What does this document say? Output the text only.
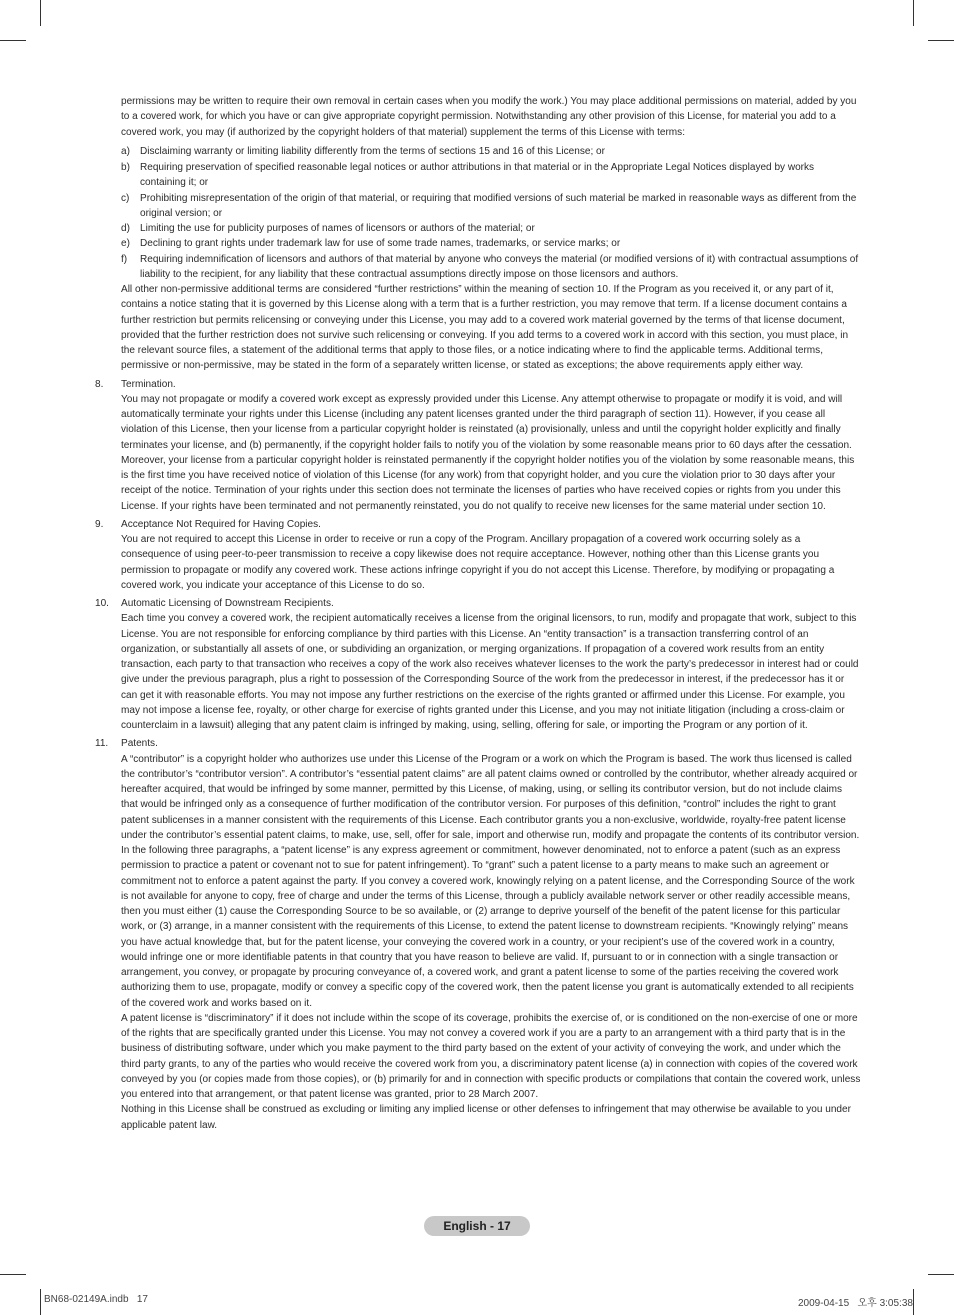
permissions may be written to require their own removal in certain cases when you modify the work.) You may place additional permissions on material, added by you to a covered work, for which you have or can give appropriate copyright permission. Notwithstanding any other provision of this License, for material you add to a covered work, you may (if authorized by the copyright holders of that material) supplement the terms of this License with terms:

a)	Disclaiming warranty or limiting liability differently from the terms of sections 15 and 16 of this License; or
b)	Requiring preservation of specified reasonable legal notices or author attributions in that material or in the Appropriate Legal Notices displayed by works containing it; or
c)	Prohibiting misrepresentation of the origin of that material, or requiring that modified versions of such material be marked in reasonable ways as different from the original version; or
d)	Limiting the use for publicity purposes of names of licensors or authors of the material; or
e)	Declining to grant rights under trademark law for use of some trade names, trademarks, or service marks; or
f)	Requiring indemnification of licensors and authors of that material by anyone who conveys the material (or modified versions of it) with contractual assumptions of liability to the recipient, for any liability that these contractual assumptions directly impose on those licensors and authors.

All other non-permissive additional terms are considered “further restrictions” within the meaning of section 10. If the Program as you received it, or any part of it, contains a notice stating that it is governed by this License along with a term that is a further restriction, you may remove that term. If a license document contains a further restriction but permits relicensing or conveying under this License, you may add to a covered work material governed by the terms of that license document, provided that the further restriction does not survive such relicensing or conveying. If you add terms to a covered work in accord with this section, you must place, in the relevant source files, a statement of the additional terms that apply to those files, or a notice indicating where to find the applicable terms. Additional terms, permissive or non-permissive, may be stated in the form of a separately written license, or stated as exceptions; the above requirements apply either way.

8.	Termination.

You may not propagate or modify a covered work except as expressly provided under this License. Any attempt otherwise to propagate or modify it is void, and will automatically terminate your rights under this License (including any patent licenses granted under the third paragraph of section 11). However, if you cease all violation of this License, then your license from a particular copyright holder is reinstated (a) provisionally, unless and until the copyright holder explicitly and finally terminates your license, and (b) permanently, if the copyright holder fails to notify you of the violation by some reasonable means prior to 60 days after the cessation. Moreover, your license from a particular copyright holder is reinstated permanently if the copyright holder notifies you of the violation by some reasonable means, this is the first time you have received notice of violation of this License (for any work) from that copyright holder, and you cure the violation prior to 30 days after your receipt of the notice. Termination of your rights under this section does not terminate the licenses of parties who have received copies or rights from you under this License. If your rights have been terminated and not permanently reinstated, you do not qualify to receive new licenses for the same material under section 10.

9.	Acceptance Not Required for Having Copies.

You are not required to accept this License in order to receive or run a copy of the Program. Ancillary propagation of a covered work occurring solely as a consequence of using peer-to-peer transmission to receive a copy likewise does not require acceptance. However, nothing other than this License grants you permission to propagate or modify any covered work. These actions infringe copyright if you do not accept this License. Therefore, by modifying or propagating a covered work, you indicate your acceptance of this License to do so.

10.	Automatic Licensing of Downstream Recipients.

Each time you convey a covered work, the recipient automatically receives a license from the original licensors, to run, modify and propagate that work, subject to this License. You are not responsible for enforcing compliance by third parties with this License. An “entity transaction” is a transaction transferring control of an organization, or substantially all assets of one, or subdividing an organization, or merging organizations. If propagation of a covered work results from an entity transaction, each party to that transaction who receives a copy of the work also receives whatever licenses to the work the party’s predecessor in interest had or could give under the previous paragraph, plus a right to possession of the Corresponding Source of the work from the predecessor in interest, if the predecessor has it or can get it with reasonable efforts. You may not impose any further restrictions on the exercise of the rights granted or affirmed under this License. For example, you may not impose a license fee, royalty, or other charge for exercise of rights granted under this License, and you may not initiate litigation (including a cross-claim or counterclaim in a lawsuit) alleging that any patent claim is infringed by making, using, selling, offering for sale, or importing the Program or any portion of it.

11.	Patents.

A “contributor” is a copyright holder who authorizes use under this License of the Program or a work on which the Program is based. The work thus licensed is called the contributor’s “contributor version”. A contributor’s “essential patent claims” are all patent claims owned or controlled by the contributor, whether already acquired or hereafter acquired, that would be infringed by some manner, permitted by this License, of making, using, or selling its contributor version, but do not include claims that would be infringed only as a consequence of further modification of the contributor version. For purposes of this definition, “control” includes the right to grant patent sublicenses in a manner consistent with the requirements of this License. Each contributor grants you a non-exclusive, worldwide, royalty-free patent license under the contributor’s essential patent claims, to make, use, sell, offer for sale, import and otherwise run, modify and propagate the contents of its contributor version. In the following three paragraphs, a “patent license” is any express agreement or commitment, however denominated, not to enforce a patent (such as an express permission to practice a patent or covenant not to sue for patent infringement). To “grant” such a patent license to a party means to make such an agreement or commitment not to enforce a patent against the party. If you convey a covered work, knowingly relying on a patent license, and the Corresponding Source of the work is not available for anyone to copy, free of charge and under the terms of this License, through a publicly available network server or other readily accessible means, then you must either (1) cause the Corresponding Source to be so available, or (2) arrange to deprive yourself of the benefit of the patent license for this particular work, or (3) arrange, in a manner consistent with the requirements of this License, to extend the patent license to downstream recipients. “Knowingly relying” means you have actual knowledge that, but for the patent license, your conveying the covered work in a country, or your recipient’s use of the covered work in a country, would infringe one or more identifiable patents in that country that you have reason to believe are valid. If, pursuant to or in connection with a single transaction or arrangement, you convey, or propagate by procuring conveyance of, a covered work, and grant a patent license to some of the parties receiving the covered work authorizing them to use, propagate, modify or convey a specific copy of the covered work, then the patent license you grant is automatically extended to all recipients of the covered work and works based on it.

A patent license is “discriminatory” if it does not include within the scope of its coverage, prohibits the exercise of, or is conditioned on the non-exercise of one or more of the rights that are specifically granted under this License. You may not convey a covered work if you are a party to an arrangement with a third party that is in the business of distributing software, under which you make payment to the third party based on the extent of your activity of conveying the work, and under which the third party grants, to any of the parties who would receive the covered work from you, a discriminatory patent license (a) in connection with copies of the covered work conveyed by you (or copies made from those copies), or (b) primarily for and in connection with specific products or compilations that contain the covered work, unless you entered into that arrangement, or that patent license was granted, prior to 28 March 2007.

Nothing in this License shall be construed as excluding or limiting any implied license or other defenses to infringement that may otherwise be available to you under applicable patent law.

English - 17
BN68-02149A.indb   17	2009-04-15   오후 3:05:38
